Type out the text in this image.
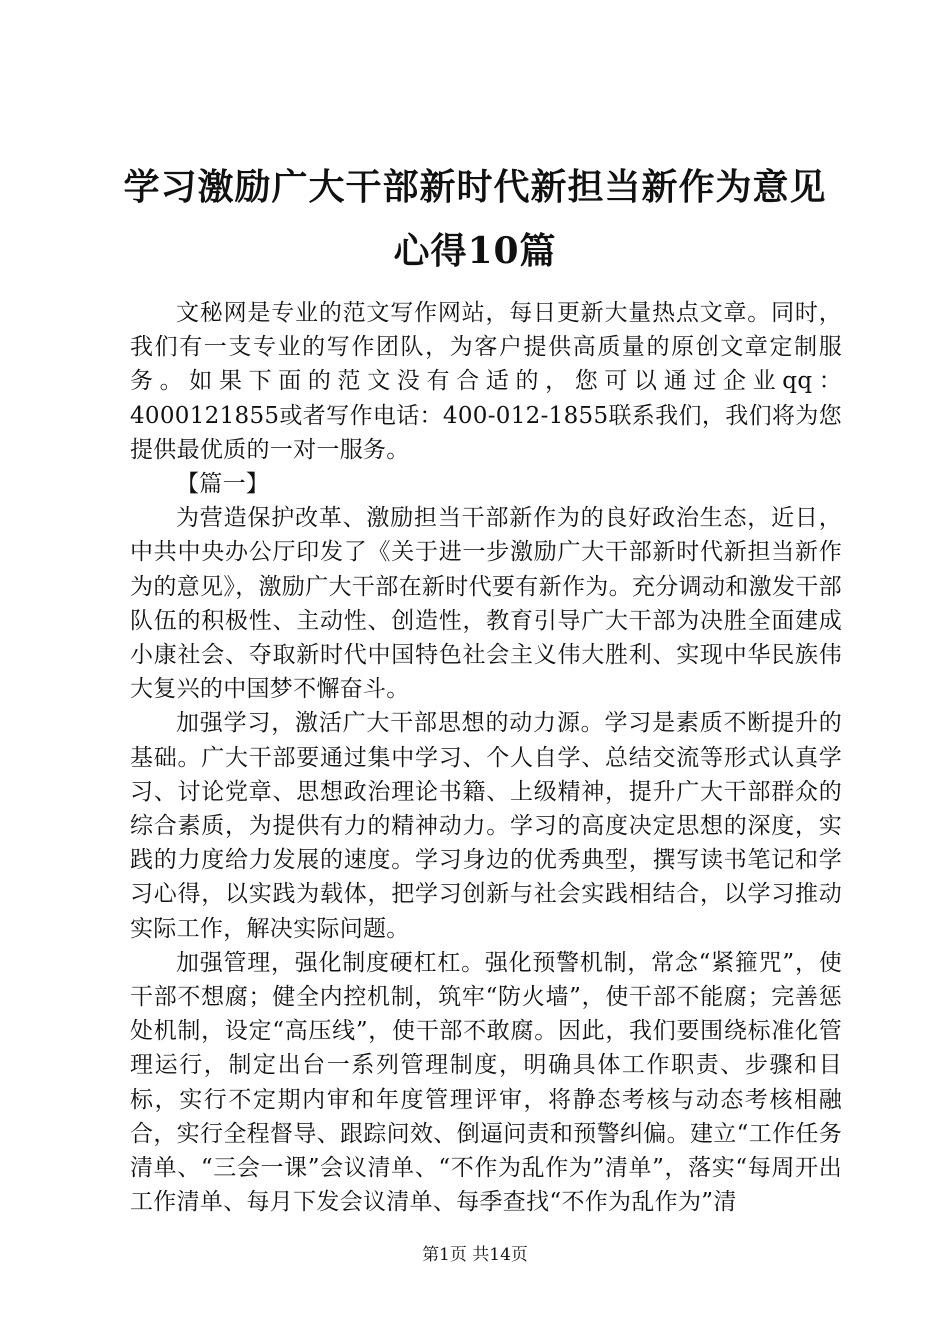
学习激励广大干部新时代新担当新作为意见心得10篇

文秘网是专业的范文写作网站，每日更新大量热点文章。同时，我们有一支专业的写作团队，为客户提供高质量的原创文章定制服务。如果下面的范文没有合适的，您可以通过企业qq：4000121855或者写作电话：400-012-1855联系我们，我们将为您提供最优质的一对一服务。

【篇一】

为营造保护改革、激励担当干部新作为的良好政治生态，近日，中共中央办公厅印发了《关于进一步激励广大干部新时代新担当新作为的意见》，激励广大干部在新时代要有新作为。充分调动和激发干部队伍的积极性、主动性、创造性，教育引导广大干部为决胜全面建成小康社会、夺取新时代中国特色社会主义伟大胜利、实现中华民族伟大复兴的中国梦不懈奋斗。

加强学习，激活广大干部思想的动力源。学习是素质不断提升的基础。广大干部要通过集中学习、个人自学、总结交流等形式认真学习、讨论党章、思想政治理论书籍、上级精神，提升广大干部群众的综合素质，为提供有力的精神动力。学习的高度决定思想的深度，实践的力度给力发展的速度。学习身边的优秀典型，撰写读书笔记和学习心得，以实践为载体，把学习创新与社会实践相结合，以学习推动实际工作，解决实际问题。

加强管理，强化制度硬杠杠。强化预警机制，常念“紧箍咒”，使干部不想腐；健全内控机制，筑牢“防火墙”，使干部不能腐；完善惩处机制，设定“高压线”，使干部不敢腐。因此，我们要围绕标准化管理运行，制定出台一系列管理制度，明确具体工作职责、步骤和目标，实行不定期内审和年度管理评审，将静态考核与动态考核相融合，实行全程督导、跟踪问效、倒逼问责和预警纠偏。建立“工作任务清单、“三会一课”会议清单、“不作为乱作为”清单”，落实“每周开出工作清单、每月下发会议清单、每季查找“不作为乱作为”清

第1页 共14页
